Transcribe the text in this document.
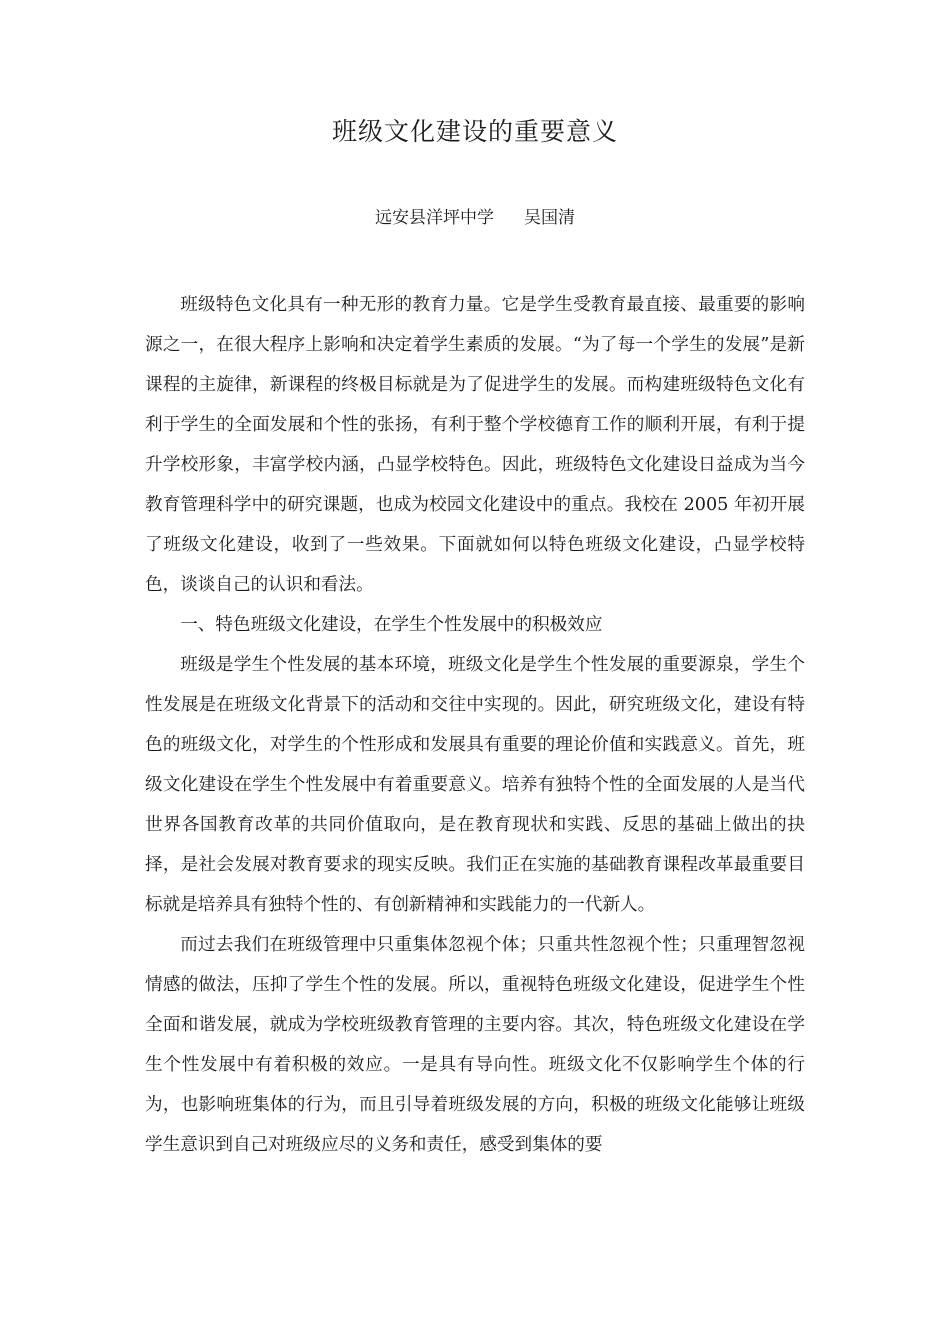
班级文化建设的重要意义
远安县洋坪中学 吴国清

班级特色文化具有一种无形的教育力量。它是学生受教育最直接、最重要的影响源之一，在很大程序上影响和决定着学生素质的发展。“为了每一个学生的发展”是新课程的主旋律，新课程的终极目标就是为了促进学生的发展。而构建班级特色文化有利于学生的全面发展和个性的张扬，有利于整个学校德育工作的顺利开展，有利于提升学校形象，丰富学校内涵，凸显学校特色。因此，班级特色文化建设日益成为当今教育管理科学中的研究课题，也成为校园文化建设中的重点。我校在 2005 年初开展了班级文化建设，收到了一些效果。下面就如何以特色班级文化建设，凸显学校特色，谈谈自己的认识和看法。

一、特色班级文化建设，在学生个性发展中的积极效应

班级是学生个性发展的基本环境，班级文化是学生个性发展的重要源泉，学生个性发展是在班级文化背景下的活动和交往中实现的。因此，研究班级文化，建设有特色的班级文化，对学生的个性形成和发展具有重要的理论价值和实践意义。首先，班级文化建设在学生个性发展中有着重要意义。培养有独特个性的全面发展的人是当代世界各国教育改革的共同价值取向，是在教育现状和实践、反思的基础上做出的抉择，是社会发展对教育要求的现实反映。我们正在实施的基础教育课程改革最重要目标就是培养具有独特个性的、有创新精神和实践能力的一代新人。

而过去我们在班级管理中只重集体忽视个体；只重共性忽视个性；只重理智忽视情感的做法，压抑了学生个性的发展。所以，重视特色班级文化建设，促进学生个性全面和谐发展，就成为学校班级教育管理的主要内容。其次，特色班级文化建设在学生个性发展中有着积极的效应。一是具有导向性。班级文化不仅影响学生个体的行为，也影响班集体的行为，而且引导着班级发展的方向，积极的班级文化能够让班级学生意识到自己对班级应尽的义务和责任，感受到集体的要
